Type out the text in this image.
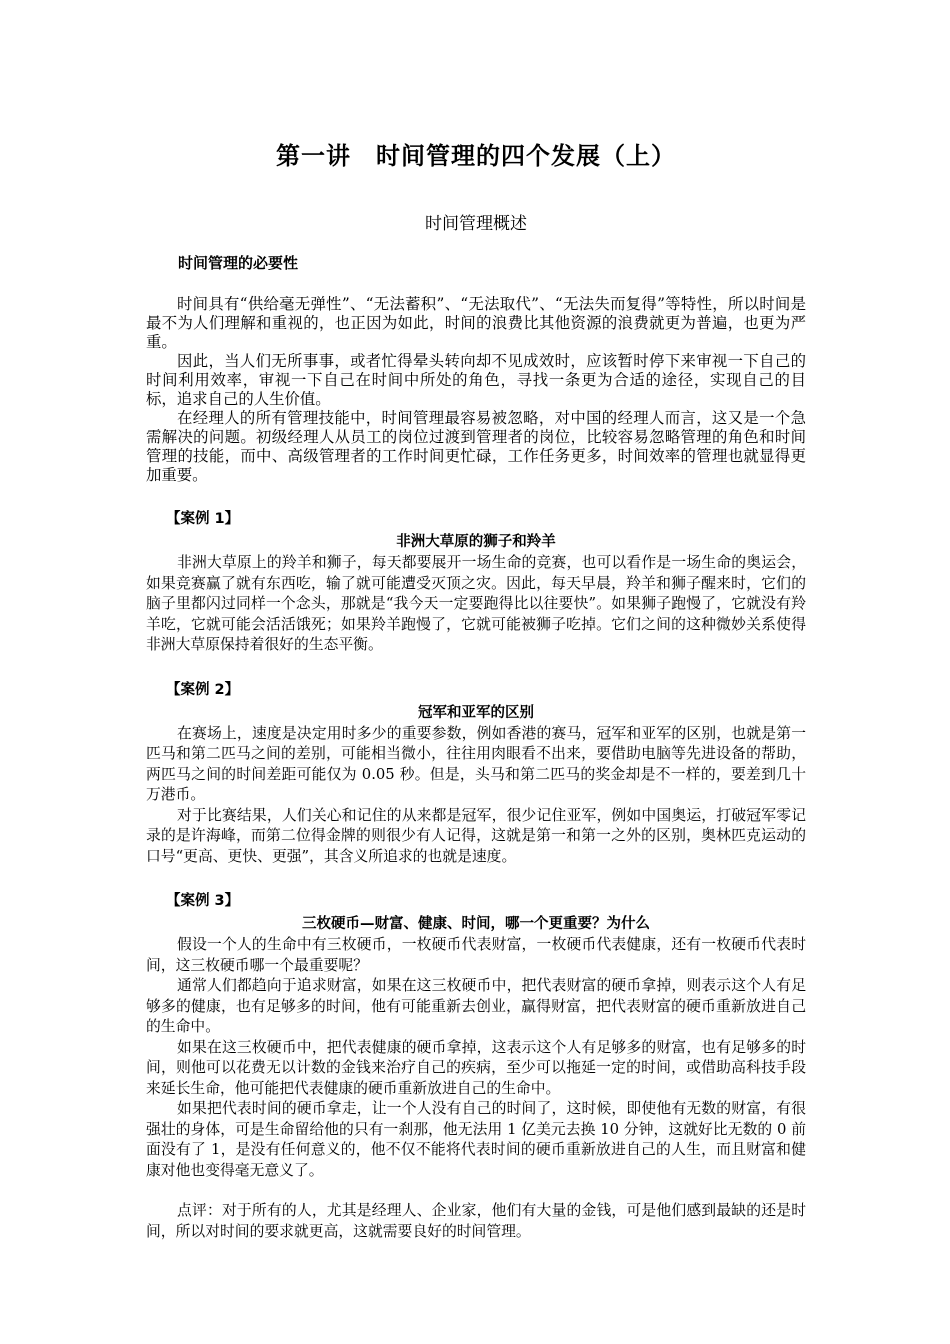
第一讲　时间管理的四个发展（上）
时间管理概述
时间管理的必要性

时间具有“供给毫无弹性”、“无法蓄积”、“无法取代”、“无法失而复得”等特性，所以时间是最不为人们理解和重视的，也正因为如此，时间的浪费比其他资源的浪费就更为普遍，也更为严重。

因此，当人们无所事事，或者忙得晕头转向却不见成效时，应该暂时停下来审视一下自己的时间利用效率，审视一下自己在时间中所处的角色，寻找一条更为合适的途径，实现自己的目标，追求自己的人生价值。

在经理人的所有管理技能中，时间管理最容易被忽略，对中国的经理人而言，这又是一个急需解决的问题。初级经理人从员工的岗位过渡到管理者的岗位，比较容易忽略管理的角色和时间管理的技能，而中、高级管理者的工作时间更忙碌，工作任务更多，时间效率的管理也就显得更加重要。

【案例 1】
非洲大草原的狮子和羚羊

非洲大草原上的羚羊和狮子，每天都要展开一场生命的竞赛，也可以看作是一场生命的奥运会，如果竞赛赢了就有东西吃，输了就可能遭受灭顶之灾。因此，每天早晨，羚羊和狮子醒来时，它们的脑子里都闪过同样一个念头，那就是“我今天一定要跑得比以往要快”。如果狮子跑慢了，它就没有羚羊吃，它就可能会活活饿死；如果羚羊跑慢了，它就可能被狮子吃掉。它们之间的这种微妙关系使得非洲大草原保持着很好的生态平衡。

【案例 2】
冠军和亚军的区别

在赛场上，速度是决定用时多少的重要参数，例如香港的赛马，冠军和亚军的区别，也就是第一匹马和第二匹马之间的差别，可能相当微小，往往用肉眼看不出来，要借助电脑等先进设备的帮助，两匹马之间的时间差距可能仅为 0.05 秒。但是，头马和第二匹马的奖金却是不一样的，要差到几十万港币。

对于比赛结果，人们关心和记住的从来都是冠军，很少记住亚军，例如中国奥运，打破冠军零记录的是许海峰，而第二位得金牌的则很少有人记得，这就是第一和第一之外的区别，奥林匹克运动的口号“更高、更快、更强”，其含义所追求的也就是速度。

【案例 3】
三枚硬币—财富、健康、时间，哪一个更重要？为什么

假设一个人的生命中有三枚硬币，一枚硬币代表财富，一枚硬币代表健康，还有一枚硬币代表时间，这三枚硬币哪一个最重要呢？

通常人们都趋向于追求财富，如果在这三枚硬币中，把代表财富的硬币拿掉，则表示这个人有足够多的健康，也有足够多的时间，他有可能重新去创业，赢得财富，把代表财富的硬币重新放进自己的生命中。

如果在这三枚硬币中，把代表健康的硬币拿掉，这表示这个人有足够多的财富，也有足够多的时间，则他可以花费无以计数的金钱来治疗自己的疾病，至少可以拖延一定的时间，或借助高科技手段来延长生命，他可能把代表健康的硬币重新放进自己的生命中。

如果把代表时间的硬币拿走，让一个人没有自己的时间了，这时候，即使他有无数的财富，有很强壮的身体，可是生命留给他的只有一刹那，他无法用 1 亿美元去换 10 分钟，这就好比无数的 0 前面没有了 1，是没有任何意义的，他不仅不能将代表时间的硬币重新放进自己的人生，而且财富和健康对他也变得毫无意义了。

点评：对于所有的人，尤其是经理人、企业家，他们有大量的金钱，可是他们感到最缺的还是时间，所以对时间的要求就更高，这就需要良好的时间管理。
